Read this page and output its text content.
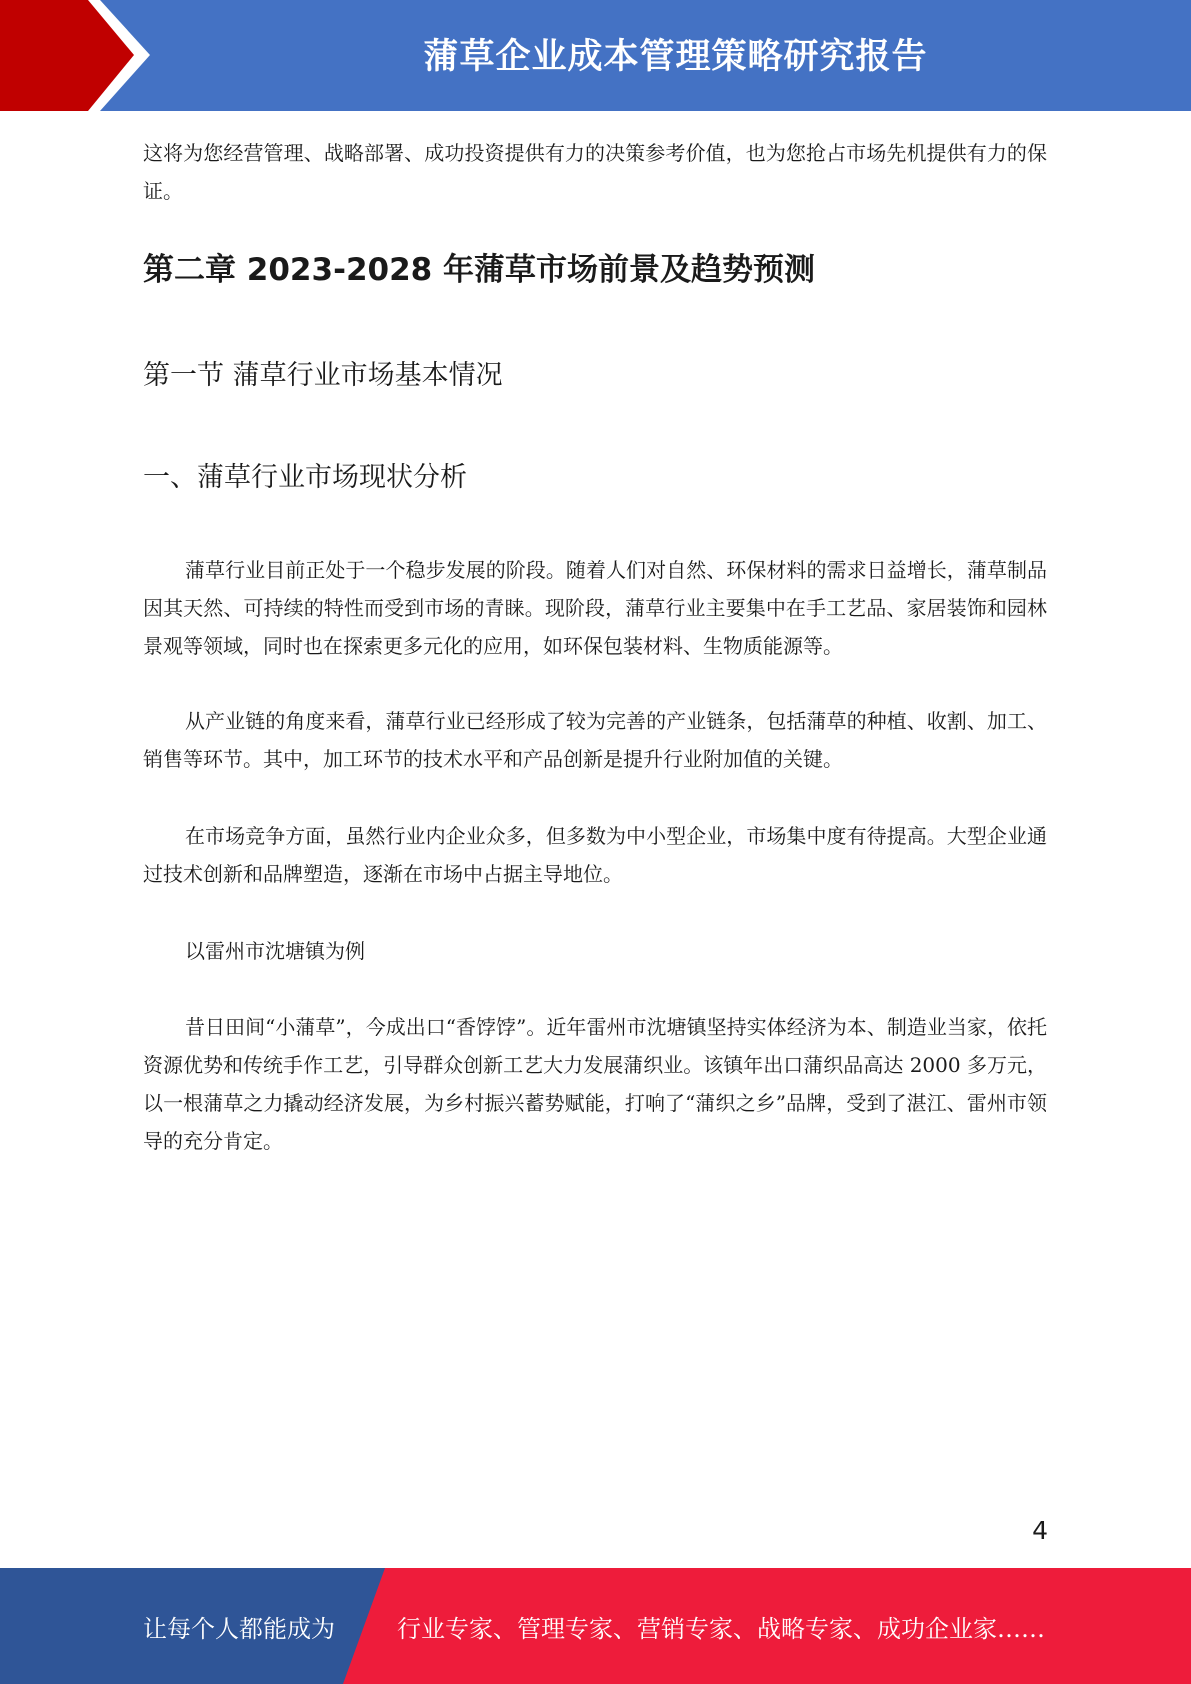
蒲草企业成本管理策略研究报告

这将为您经营管理、战略部署、成功投资提供有力的决策参考价值，也为您抢占市场先机提供有力的保证。

第二章 2023-2028 年蒲草市场前景及趋势预测
第一节 蒲草行业市场基本情况
一、蒲草行业市场现状分析

蒲草行业目前正处于一个稳步发展的阶段。随着人们对自然、环保材料的需求日益增长，蒲草制品因其天然、可持续的特性而受到市场的青睐。现阶段，蒲草行业主要集中在手工艺品、家居装饰和园林景观等领域，同时也在探索更多元化的应用，如环保包装材料、生物质能源等。

从产业链的角度来看，蒲草行业已经形成了较为完善的产业链条，包括蒲草的种植、收割、加工、销售等环节。其中，加工环节的技术水平和产品创新是提升行业附加值的关键。

在市场竞争方面，虽然行业内企业众多，但多数为中小型企业，市场集中度有待提高。大型企业通过技术创新和品牌塑造，逐渐在市场中占据主导地位。

以雷州市沈塘镇为例

昔日田间“小蒲草”，今成出口“香饽饽”。近年雷州市沈塘镇坚持实体经济为本、制造业当家，依托资源优势和传统手作工艺，引导群众创新工艺大力发展蒲织业。该镇年出口蒲织品高达 2000 多万元，以一根蒲草之力撬动经济发展，为乡村振兴蓄势赋能，打响了“蒲织之乡”品牌，受到了湛江、雷州市领导的充分肯定。

4
让每个人都能成为	行业专家、管理专家、营销专家、战略专家、成功企业家……
